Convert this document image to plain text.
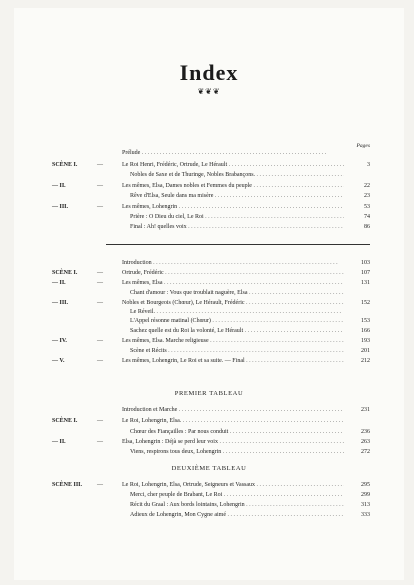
Index
❦❦❦
Pages
PREMIER TABLEAU
DEUXIÈME TABLEAU
Prélude . . .
SCÈNE I.	—	Le Roi Henri, Frédéric, Ortrude, Le Hérault . . .	3
Nobles de Saxe et de Thuringe, Nobles Brabançons. . . .
— II.	—	Les mêmes, Elsa, Dames nobles et Femmes du peuple . . .	22
Rêve d'Elsa, Seule dans ma misère . . .	23
— III.	—	Les mêmes, Lohengrin . . .	53
Prière : O Dieu du ciel, Le Roi . . .	74
Final : Ah! quelles voix . . .	86
Introduction . . .	103
SCÈNE I.	—	Ortrude, Frédéric . . .	107
— II.	—	Les mêmes, Elsa . . .	131
Chant d'amour : Vous que troublait naguère, Elsa . . .
— III.	—	Nobles et Bourgeois (Chœur), Le Hérault, Frédéric . . .	152
Le Réveil. . . .
L'Appel résonne matinal (Chœur) . . .	153
Sachez quelle est du Roi la volonté, Le Hérault . . .	166
— IV.	—	Les mêmes, Elsa. Marche religieuse . . .	193
Scène et Récits . . .	201
— V.	—	Les mêmes, Lohengrin, Le Roi et sa suite. — Final . . .	212
Introduction et Marche . . .	231
SCÈNE I.	—	Le Roi, Lohengrin, Elsa. . . .
Chœur des Fiançailles : Par nous conduit . . .	236
— II.	—	Elsa, Lohengrin : Déjà se perd leur voix . . .	263
Viens, respirons tous deux, Lohengrin . . .	272
SCÈNE III.	—	Le Roi, Lohengrin, Elsa, Ortrude, Seigneurs et Vassaux . . .	295
Merci, cher peuple de Brabant, Le Roi . . .	299
Récit du Graal : Aux bords lointains, Lohengrin . . .	313
Adieux de Lohengrin, Mon Cygne aimé . . .	333
